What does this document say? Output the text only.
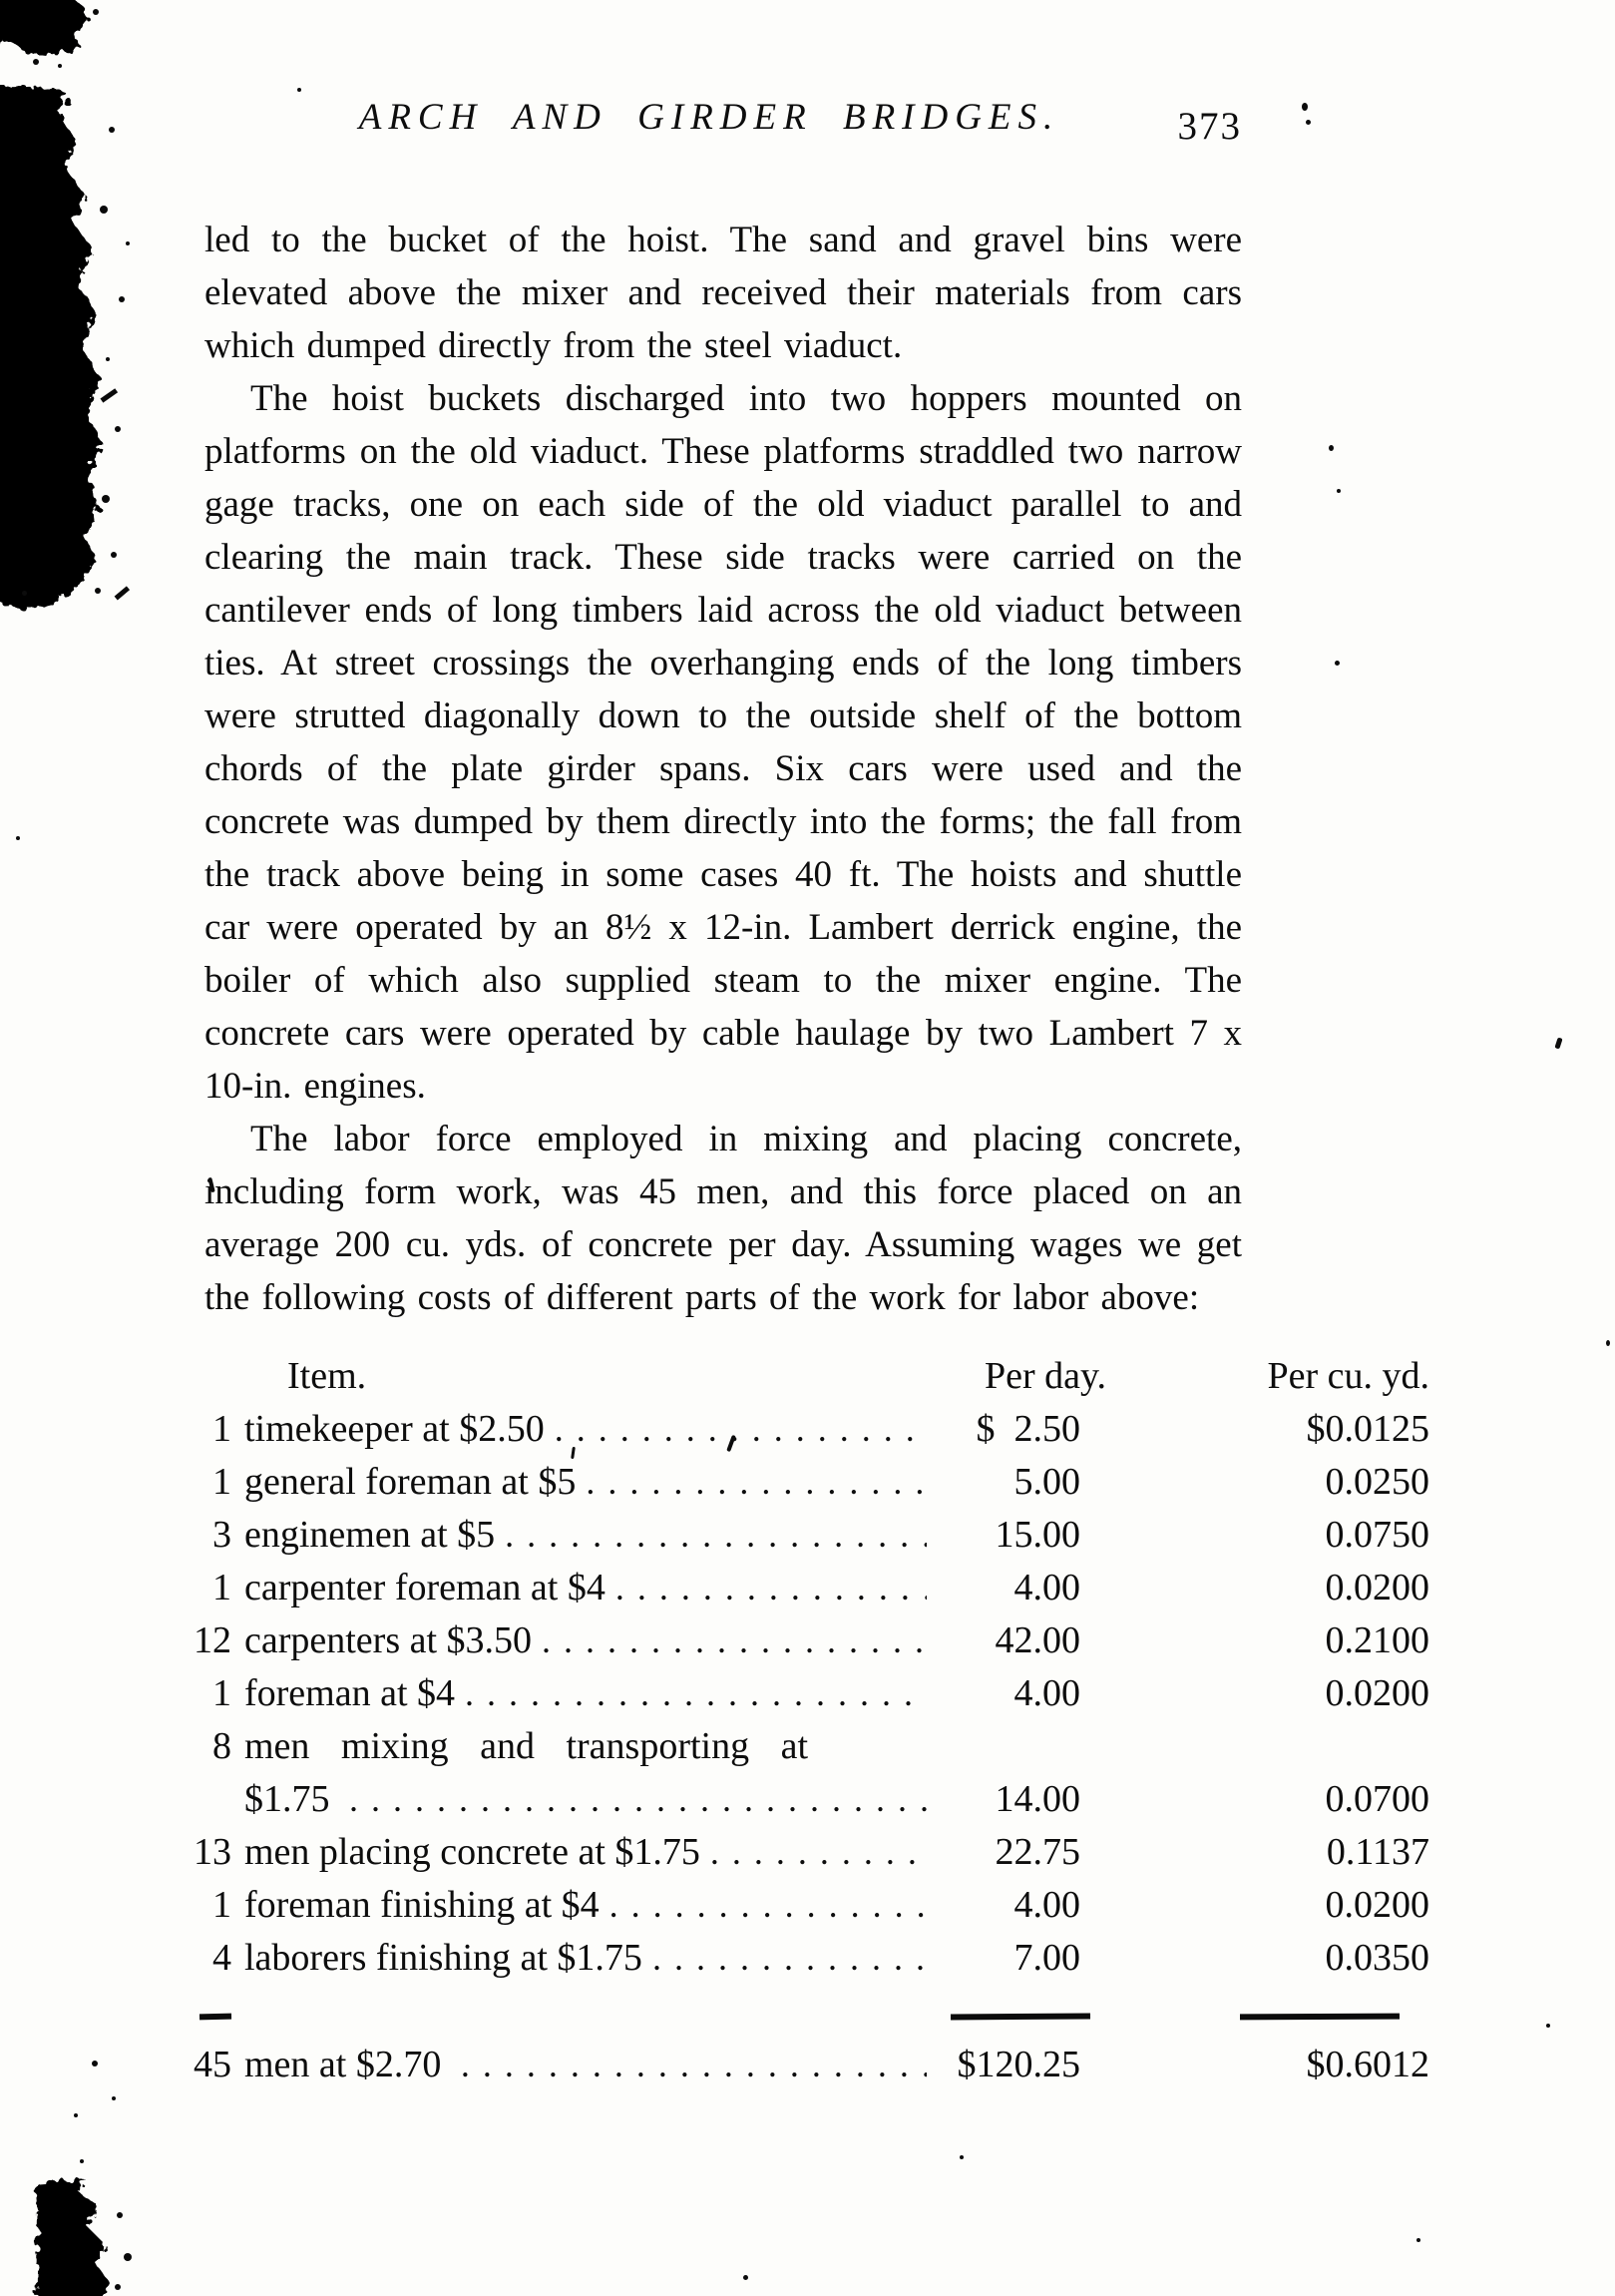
ARCH AND GIRDER BRIDGES.	373

led to the bucket of the hoist. The sand and gravel bins were elevated above the mixer and received their materials from cars which dumped directly from the steel viaduct.

The hoist buckets discharged into two hoppers mounted on platforms on the old viaduct. These platforms straddled two narrow gage tracks, one on each side of the old viaduct parallel to and clearing the main track. These side tracks were carried on the cantilever ends of long timbers laid across the old viaduct between ties. At street crossings the overhanging ends of the long timbers were strutted diagonally down to the outside shelf of the bottom chords of the plate girder spans. Six cars were used and the concrete was dumped by them directly into the forms; the fall from the track above being in some cases 40 ft. The hoists and shuttle car were operated by an 8½ x 12-in. Lambert derrick engine, the boiler of which also supplied steam to the mixer engine. The concrete cars were operated by cable haulage by two Lambert 7 x 10-in. engines.

The labor force employed in mixing and placing concrete, including form work, was 45 men, and this force placed on an average 200 cu. yds. of concrete per day. Assuming wages we get the following costs of different parts of the work for labor above:

Item.	Per day.	Per cu. yd.
1 timekeeper at $2.50 .....	$  2.50	$0.0125
1 general foreman at $5 .....	5.00	0.0250
3 enginemen at $5 .....	15.00	0.0750
1 carpenter foreman at $4 .....	4.00	0.0200
12 carpenters at $3.50 .....	42.00	0.2100
1 foreman at $4 .....	4.00	0.0200
8 men mixing and transporting at
$1.75 .....	14.00	0.0700
13 men placing concrete at $1.75 .....	22.75	0.1137
1 foreman finishing at $4 .....	4.00	0.0200
4 laborers finishing at $1.75 .....	7.00	0.0350
45 men at $2.70 .....	$120.25	$0.6012
